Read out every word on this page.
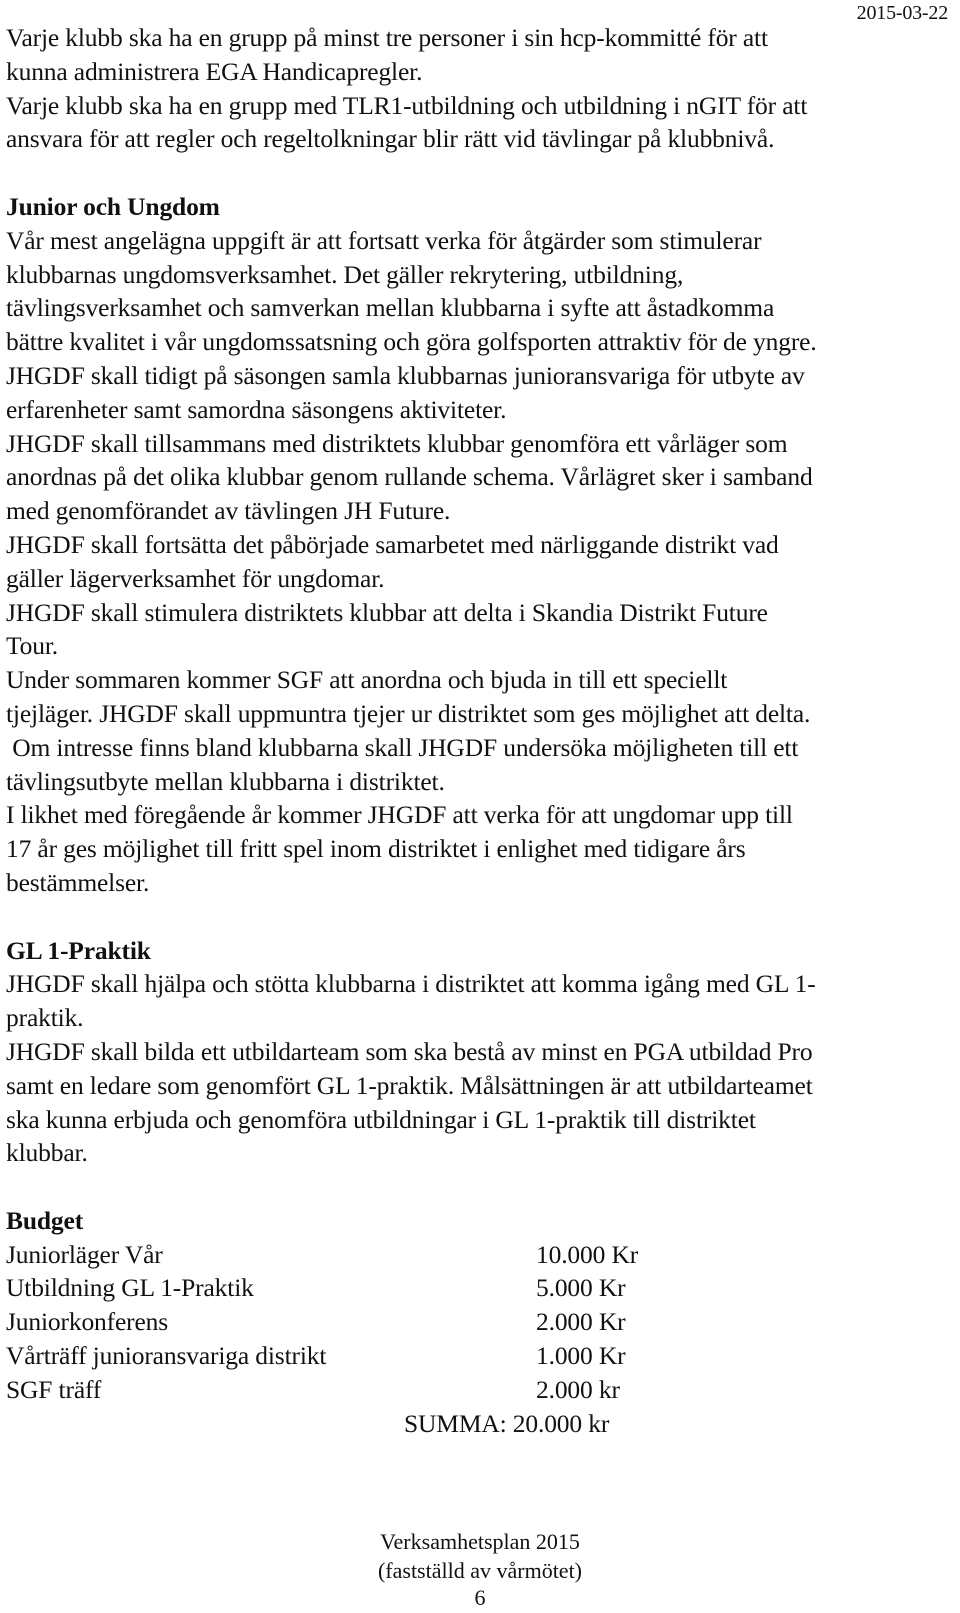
2015-03-22

Varje klubb ska ha en grupp på minst tre personer i sin hcp-kommitté för att

kunna administrera EGA Handicapregler.

Varje klubb ska ha en grupp med TLR1-utbildning och utbildning i nGIT för att

ansvara för att regler och regeltolkningar blir rätt vid tävlingar på klubbnivå.

Junior och Ungdom

Vår mest angelägna uppgift är att fortsatt verka för åtgärder som stimulerar

klubbarnas ungdomsverksamhet. Det gäller rekrytering, utbildning,

tävlingsverksamhet och samverkan mellan klubbarna i syfte att åstadkomma

bättre kvalitet i vår ungdomssatsning och göra golfsporten attraktiv för de yngre.

JHGDF skall tidigt på säsongen samla klubbarnas junioransvariga för utbyte av

erfarenheter samt samordna säsongens aktiviteter.

JHGDF skall tillsammans med distriktets klubbar genomföra ett vårläger som

anordnas på det olika klubbar genom rullande schema. Vårlägret sker i samband

med genomförandet av tävlingen JH Future.

JHGDF skall fortsätta det påbörjade samarbetet med närliggande distrikt vad

gäller lägerverksamhet för ungdomar.

JHGDF skall stimulera distriktets klubbar att delta i Skandia Distrikt Future

Tour.

Under sommaren kommer SGF att anordna och bjuda in till ett speciellt

tjejläger. JHGDF skall uppmuntra tjejer ur distriktet som ges möjlighet att delta.

Om intresse finns bland klubbarna skall JHGDF undersöka möjligheten till ett

tävlingsutbyte mellan klubbarna i distriktet.

I likhet med föregående år kommer JHGDF att verka för att ungdomar upp till

17 år ges möjlighet till fritt spel inom distriktet i enlighet med tidigare års

bestämmelser.

GL 1-Praktik

JHGDF skall hjälpa och stötta klubbarna i distriktet att komma igång med GL 1-

praktik.

JHGDF skall bilda ett utbildarteam som ska bestå av minst en PGA utbildad Pro

samt en ledare som genomfört GL 1-praktik. Målsättningen är att utbildarteamet

ska kunna erbjuda och genomföra utbildningar i GL 1-praktik till distriktet

klubbar.

Budget

Juniorläger Vår	10.000 Kr
Utbildning GL 1-Praktik	5.000 Kr
Juniorkonferens	2.000 Kr
Vårträff junioransvariga distrikt	1.000 Kr
SGF träff	2.000 kr
SUMMA: 20.000 kr
Verksamhetsplan 2015
(fastställd av vårmötet)
6
